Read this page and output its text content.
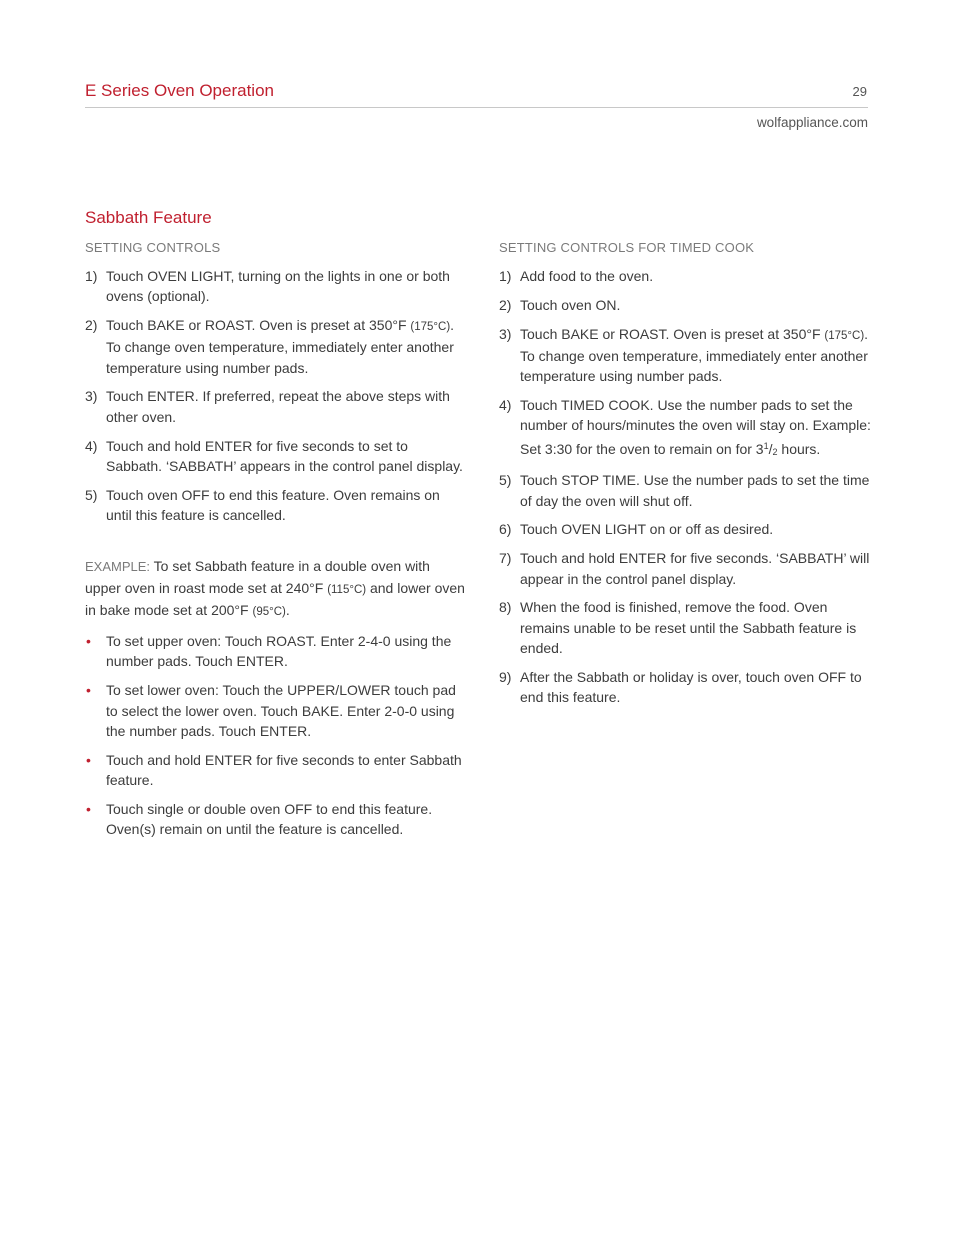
E Series Oven Operation	29
wolfappliance.com
Sabbath Feature
SETTING CONTROLS
1) Touch OVEN LIGHT, turning on the lights in one or both ovens (optional).
2) Touch BAKE or ROAST. Oven is preset at 350°F (175°C). To change oven temperature, immediately enter another temperature using number pads.
3) Touch ENTER. If preferred, repeat the above steps with other oven.
4) Touch and hold ENTER for five seconds to set to Sabbath. ‘SABBATH’ appears in the control panel display.
5) Touch oven OFF to end this feature. Oven remains on until this feature is cancelled.
EXAMPLE: To set Sabbath feature in a double oven with upper oven in roast mode set at 240°F (115°C) and lower oven in bake mode set at 200°F (95°C).
• To set upper oven: Touch ROAST. Enter 2-4-0 using the number pads. Touch ENTER.
• To set lower oven: Touch the UPPER/LOWER touch pad to select the lower oven. Touch BAKE. Enter 2-0-0 using the number pads. Touch ENTER.
• Touch and hold ENTER for five seconds to enter Sabbath feature.
• Touch single or double oven OFF to end this feature. Oven(s) remain on until the feature is cancelled.
SETTING CONTROLS FOR TIMED COOK
1) Add food to the oven.
2) Touch oven ON.
3) Touch BAKE or ROAST. Oven is preset at 350°F (175°C). To change oven temperature, immediately enter another temperature using number pads.
4) Touch TIMED COOK. Use the number pads to set the number of hours/minutes the oven will stay on. Example: Set 3:30 for the oven to remain on for $3^1/_2$ hours.
5) Touch STOP TIME. Use the number pads to set the time of day the oven will shut off.
6) Touch OVEN LIGHT on or off as desired.
7) Touch and hold ENTER for five seconds. ‘SABBATH’ will appear in the control panel display.
8) When the food is finished, remove the food. Oven remains unable to be reset until the Sabbath feature is ended.
9) After the Sabbath or holiday is over, touch oven OFF to end this feature.
